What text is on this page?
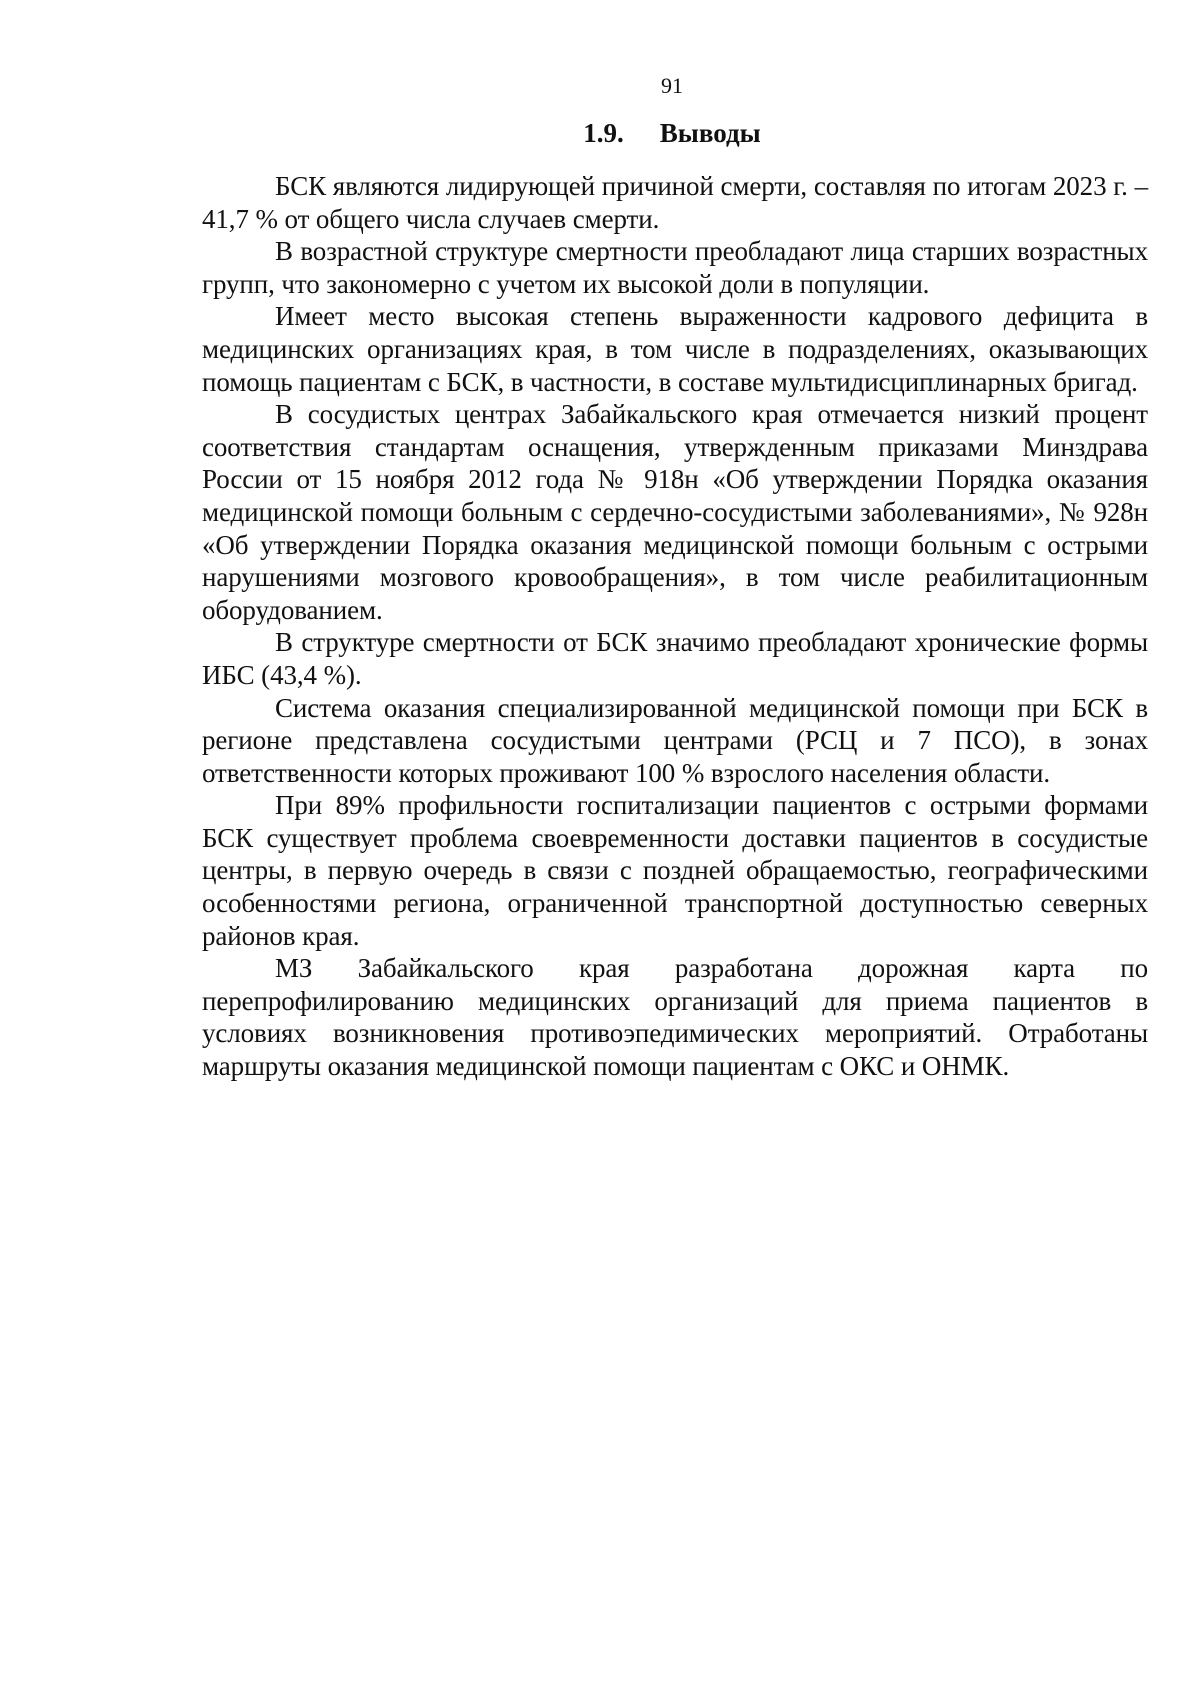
91
1.9. Выводы

БСК являются лидирующей причиной смерти, составляя по итогам 2023 г. – 41,7 % от общего числа случаев смерти.

В возрастной структуре смертности преобладают лица старших возрастных групп, что закономерно с учетом их высокой доли в популяции.

Имеет место высокая степень выраженности кадрового дефицита в медицинских организациях края, в том числе в подразделениях, оказывающих помощь пациентам с БСК, в частности, в составе мультидисциплинарных бригад.

В сосудистых центрах Забайкальского края отмечается низкий процент соответствия стандартам оснащения, утвержденным приказами Минздрава России от 15 ноября 2012 года № 918н «Об утверждении Порядка оказания медицинской помощи больным с сердечно-сосудистыми заболеваниями», № 928н «Об утверждении Порядка оказания медицинской помощи больным с острыми нарушениями мозгового кровообращения», в том числе реабилитационным оборудованием.

В структуре смертности от БСК значимо преобладают хронические формы ИБС (43,4 %).

Система оказания специализированной медицинской помощи при БСК в регионе представлена сосудистыми центрами (РСЦ и 7 ПСО), в зонах ответственности которых проживают 100 % взрослого населения области.

При 89% профильности госпитализации пациентов с острыми формами БСК существует проблема своевременности доставки пациентов в сосудистые центры, в первую очередь в связи с поздней обращаемостью, географическими особенностями региона, ограниченной транспортной доступностью северных районов края.

МЗ Забайкальского края разработана дорожная карта по перепрофилированию медицинских организаций для приема пациентов в условиях возникновения противоэпедимических мероприятий. Отработаны маршруты оказания медицинской помощи пациентам с ОКС и ОНМК.
